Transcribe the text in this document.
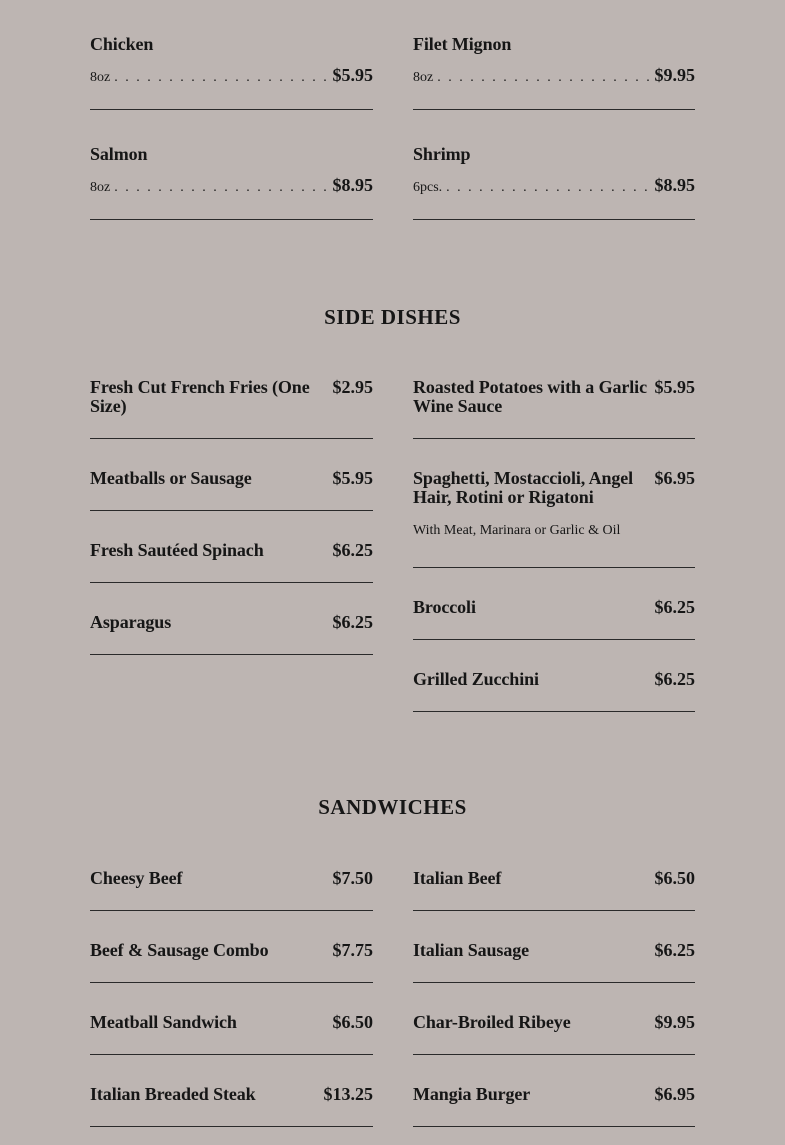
Chicken
8oz . . .	$5.95
Salmon
8oz . . .	$8.95
Filet Mignon
8oz . . .	$9.95
Shrimp
6pcs. . . .	$8.95
SIDE DISHES
Fresh Cut French Fries (One Size)
$2.95
Meatballs or Sausage	$5.95
Fresh Sautéed Spinach	$6.25
Asparagus	$6.25
Roasted Potatoes with a Garlic Wine Sauce
$5.95
Spaghetti, Mostaccioli, Angel Hair, Rotini or Rigatoni
$6.95
With Meat, Marinara or Garlic & Oil
Broccoli	$6.25
Grilled Zucchini	$6.25
SANDWICHES
Cheesy Beef	$7.50
Beef & Sausage Combo	$7.75
Meatball Sandwich	$6.50
Italian Breaded Steak	$13.25
Italian Beef	$6.50
Italian Sausage	$6.25
Char-Broiled Ribeye	$9.95
Mangia Burger	$6.95
